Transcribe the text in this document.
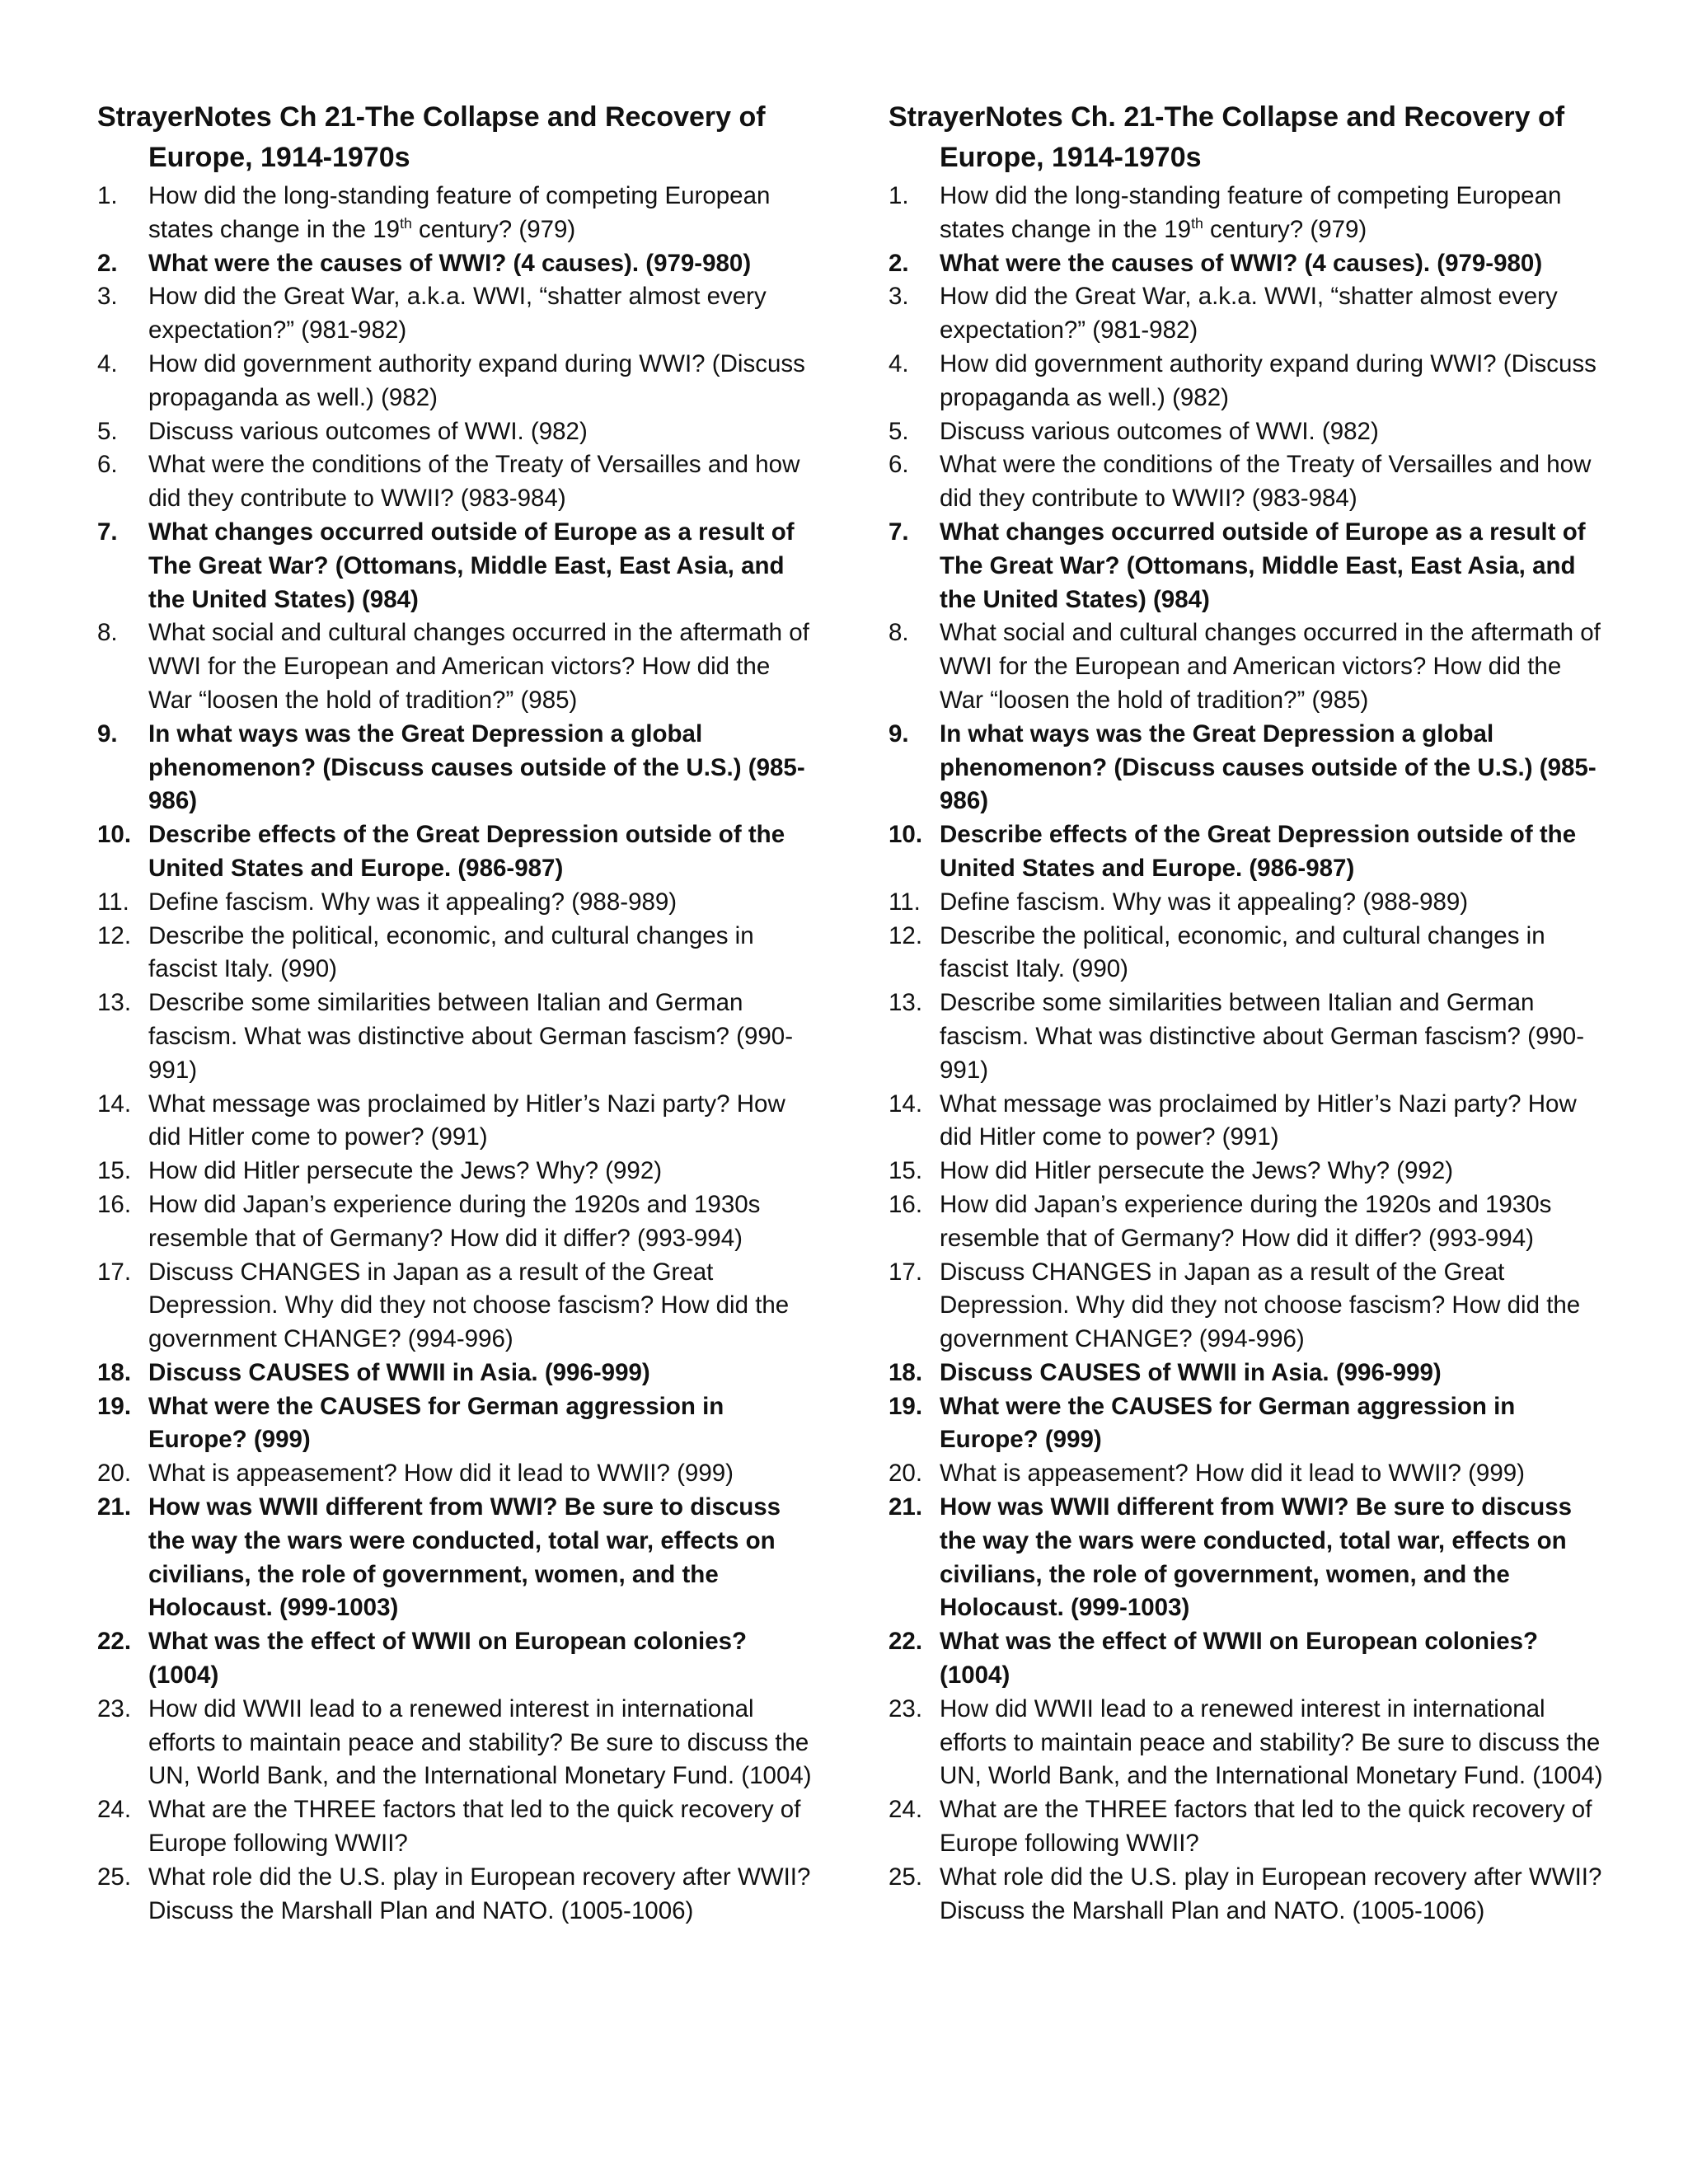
StrayerNotes Ch 21-The Collapse and Recovery of Europe, 1914-1970s
1. How did the long-standing feature of competing European states change in the 19th century? (979)
2. What were the causes of WWI? (4 causes). (979-980)
3. How did the Great War, a.k.a. WWI, “shatter almost every expectation?” (981-982)
4. How did government authority expand during WWI? (Discuss propaganda as well.) (982)
5. Discuss various outcomes of WWI. (982)
6. What were the conditions of the Treaty of Versailles and how did they contribute to WWII? (983-984)
7. What changes occurred outside of Europe as a result of The Great War? (Ottomans, Middle East, East Asia, and the United States) (984)
8. What social and cultural changes occurred in the aftermath of WWI for the European and American victors? How did the War “loosen the hold of tradition?” (985)
9. In what ways was the Great Depression a global phenomenon? (Discuss causes outside of the U.S.) (985-986)
10. Describe effects of the Great Depression outside of the United States and Europe. (986-987)
11. Define fascism. Why was it appealing? (988-989)
12. Describe the political, economic, and cultural changes in fascist Italy. (990)
13. Describe some similarities between Italian and German fascism. What was distinctive about German fascism? (990-991)
14. What message was proclaimed by Hitler’s Nazi party? How did Hitler come to power? (991)
15. How did Hitler persecute the Jews? Why? (992)
16. How did Japan’s experience during the 1920s and 1930s resemble that of Germany? How did it differ? (993-994)
17. Discuss CHANGES in Japan as a result of the Great Depression. Why did they not choose fascism? How did the government CHANGE? (994-996)
18. Discuss CAUSES of WWII in Asia. (996-999)
19. What were the CAUSES for German aggression in Europe? (999)
20. What is appeasement? How did it lead to WWII? (999)
21. How was WWII different from WWI? Be sure to discuss the way the wars were conducted, total war, effects on civilians, the role of government, women, and the Holocaust. (999-1003)
22. What was the effect of WWII on European colonies? (1004)
23. How did WWII lead to a renewed interest in international efforts to maintain peace and stability? Be sure to discuss the UN, World Bank, and the International Monetary Fund. (1004)
24. What are the THREE factors that led to the quick recovery of Europe following WWII?
25. What role did the U.S. play in European recovery after WWII? Discuss the Marshall Plan and NATO. (1005-1006)
StrayerNotes Ch. 21-The Collapse and Recovery of Europe, 1914-1970s
1. How did the long-standing feature of competing European states change in the 19th century? (979)
2. What were the causes of WWI? (4 causes). (979-980)
3. How did the Great War, a.k.a. WWI, “shatter almost every expectation?” (981-982)
4. How did government authority expand during WWI? (Discuss propaganda as well.) (982)
5. Discuss various outcomes of WWI. (982)
6. What were the conditions of the Treaty of Versailles and how did they contribute to WWII? (983-984)
7. What changes occurred outside of Europe as a result of The Great War? (Ottomans, Middle East, East Asia, and the United States) (984)
8. What social and cultural changes occurred in the aftermath of WWI for the European and American victors? How did the War “loosen the hold of tradition?” (985)
9. In what ways was the Great Depression a global phenomenon? (Discuss causes outside of the U.S.) (985-986)
10. Describe effects of the Great Depression outside of the United States and Europe. (986-987)
11. Define fascism. Why was it appealing? (988-989)
12. Describe the political, economic, and cultural changes in fascist Italy. (990)
13. Describe some similarities between Italian and German fascism. What was distinctive about German fascism? (990-991)
14. What message was proclaimed by Hitler’s Nazi party? How did Hitler come to power? (991)
15. How did Hitler persecute the Jews? Why? (992)
16. How did Japan’s experience during the 1920s and 1930s resemble that of Germany? How did it differ? (993-994)
17. Discuss CHANGES in Japan as a result of the Great Depression. Why did they not choose fascism? How did the government CHANGE? (994-996)
18. Discuss CAUSES of WWII in Asia. (996-999)
19. What were the CAUSES for German aggression in Europe? (999)
20. What is appeasement? How did it lead to WWII? (999)
21. How was WWII different from WWI? Be sure to discuss the way the wars were conducted, total war, effects on civilians, the role of government, women, and the Holocaust. (999-1003)
22. What was the effect of WWII on European colonies? (1004)
23. How did WWII lead to a renewed interest in international efforts to maintain peace and stability? Be sure to discuss the UN, World Bank, and the International Monetary Fund. (1004)
24. What are the THREE factors that led to the quick recovery of Europe following WWII?
25. What role did the U.S. play in European recovery after WWII? Discuss the Marshall Plan and NATO. (1005-1006)
